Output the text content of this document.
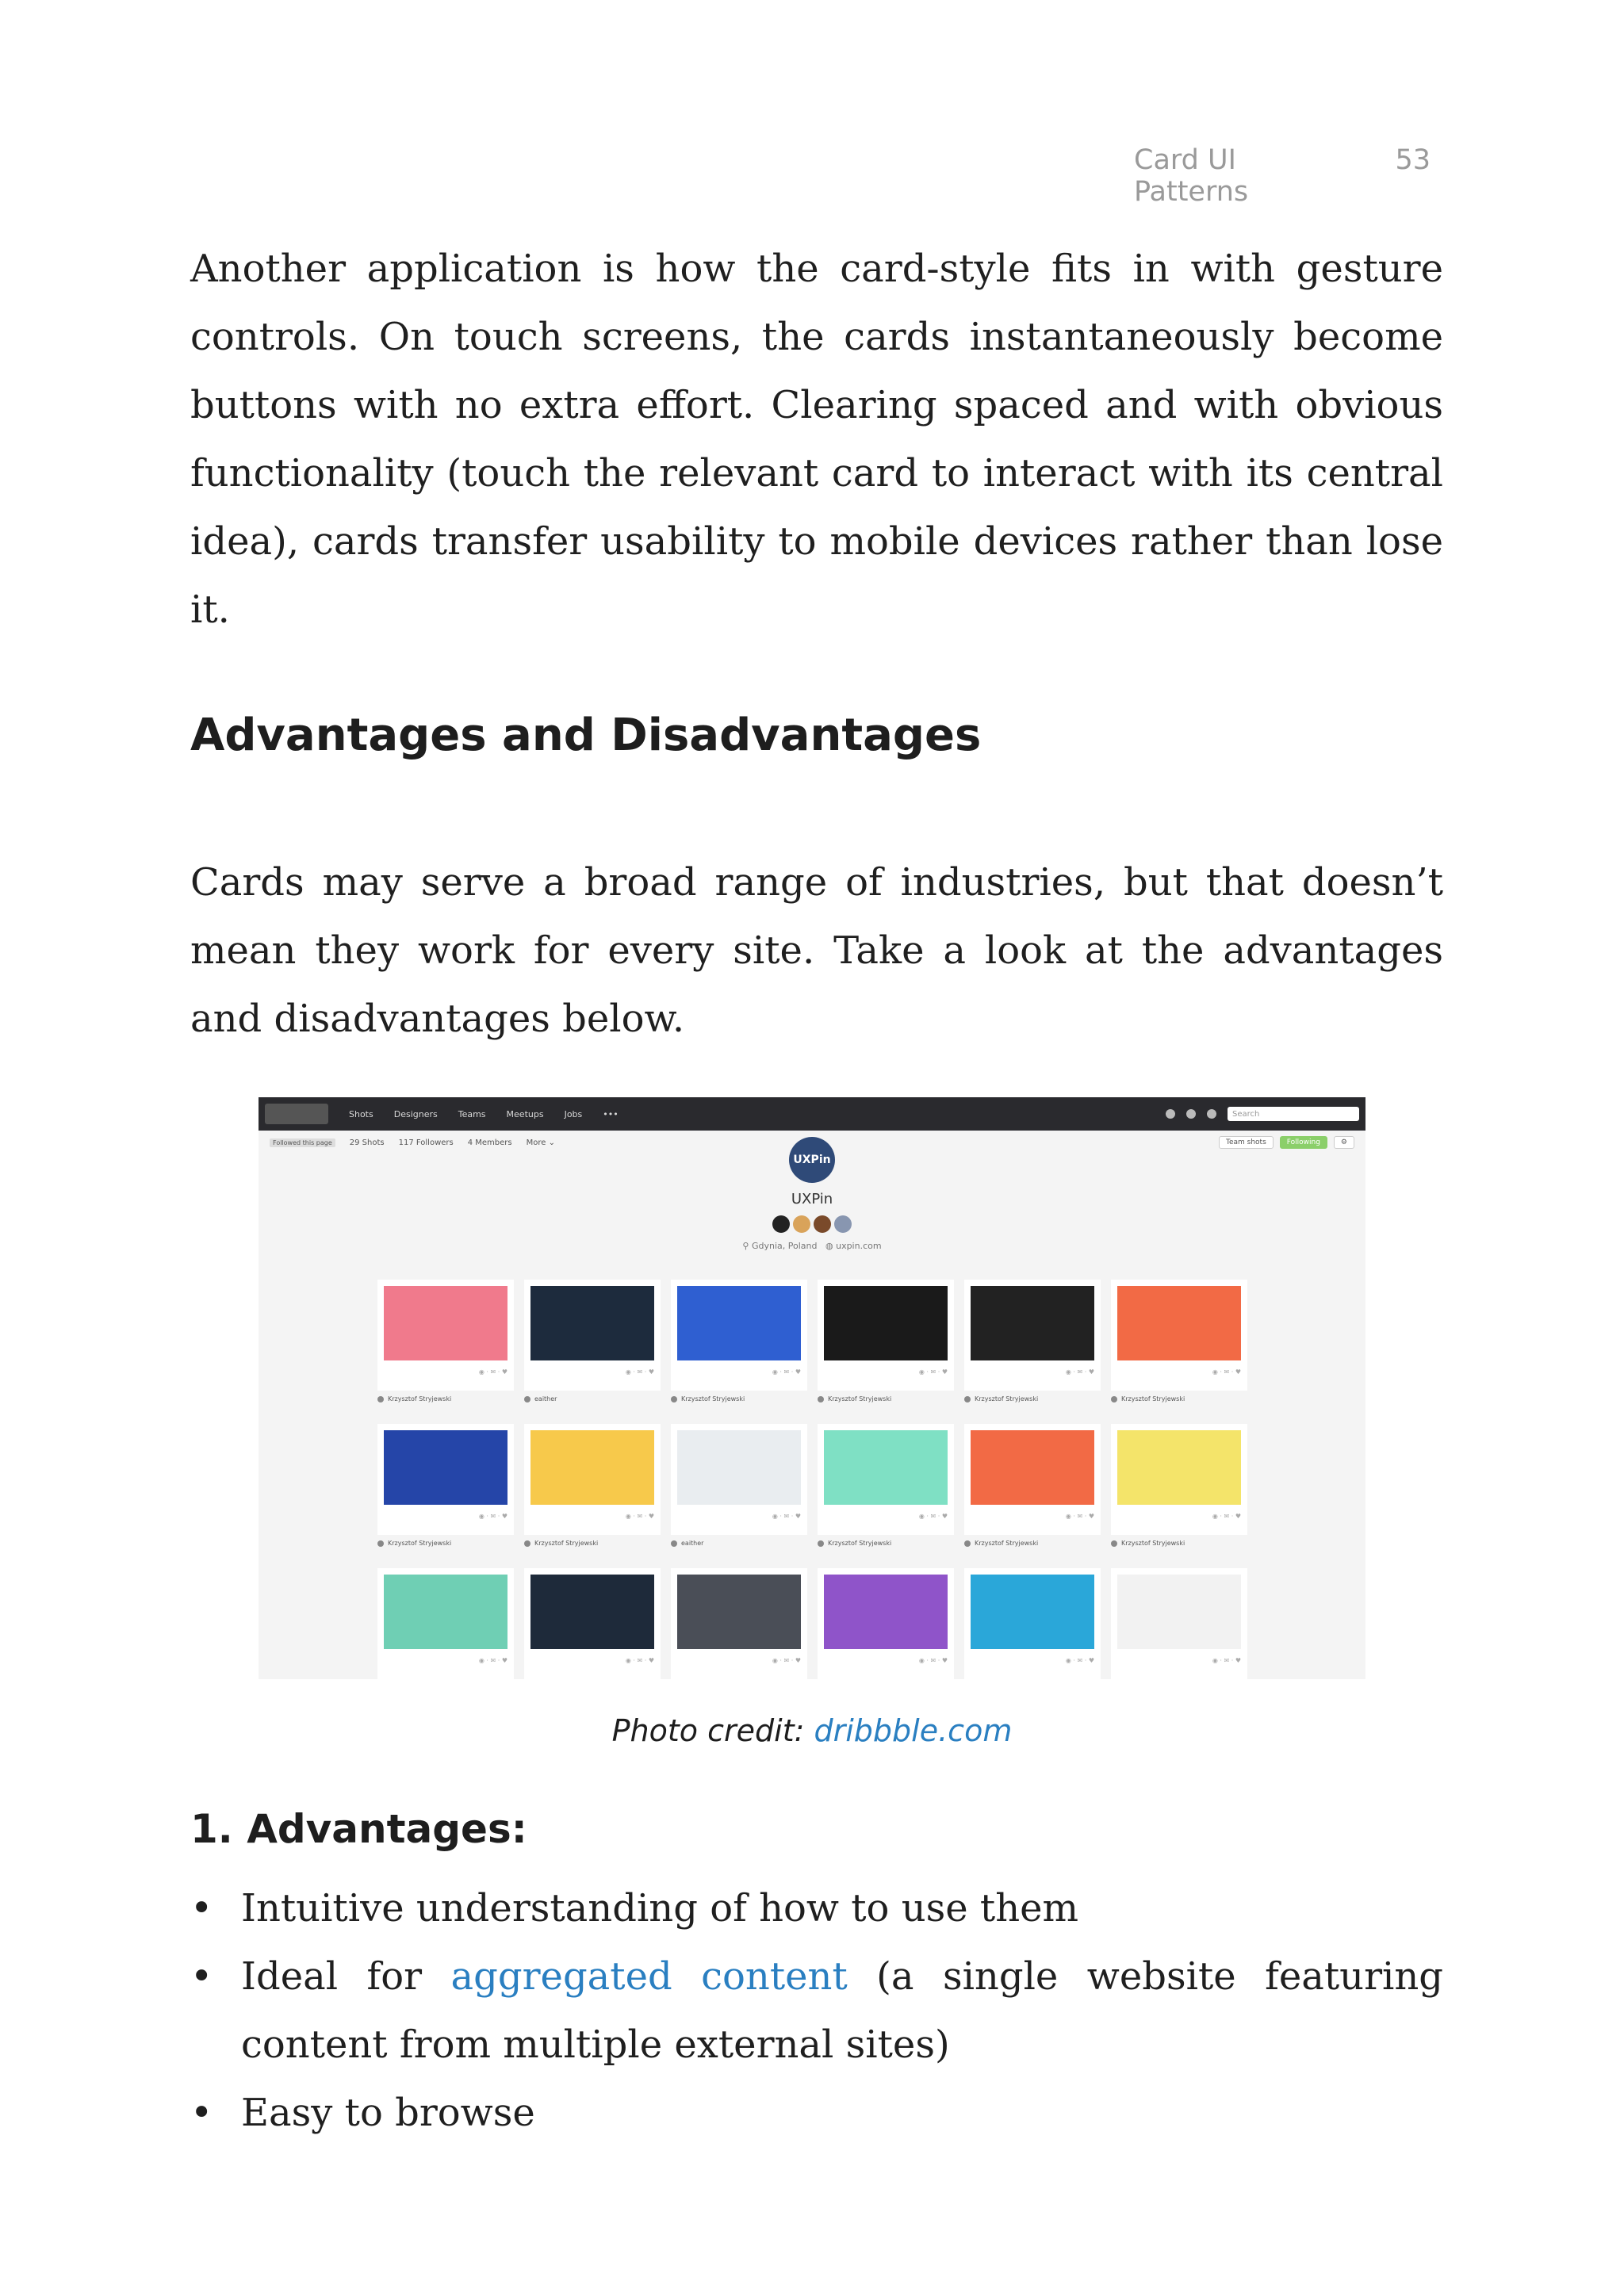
Card UI Patterns
53

Another application is how the card-style fits in with gesture controls. On touch screens, the cards instantaneously become buttons with no extra effort. Clearing spaced and with obvious functionality (touch the relevant card to interact with its central idea), cards transfer usability to mobile devices rather than lose it.

Advantages and Disadvantages

Cards may serve a broad range of industries, but that doesn’t mean they work for every site. Take a look at the advantages and disadvantages below.

Shots Designers Teams Meetups Jobs •••	Search
Followed this page	29 Shots 117 Followers 4 Members More ⌄	Team shots	Following	⚙
UXPin
UXPin
⚲ Gdynia, Poland ◍ uxpin.com
◉ · ✉ · ♥
Krzysztof Stryjewski
◉ · ✉ · ♥
eaither
◉ · ✉ · ♥
Krzysztof Stryjewski
◉ · ✉ · ♥
Krzysztof Stryjewski
◉ · ✉ · ♥
Krzysztof Stryjewski
◉ · ✉ · ♥
Krzysztof Stryjewski
◉ · ✉ · ♥
Krzysztof Stryjewski
◉ · ✉ · ♥
Krzysztof Stryjewski
◉ · ✉ · ♥
eaither
◉ · ✉ · ♥
Krzysztof Stryjewski
◉ · ✉ · ♥
Krzysztof Stryjewski
◉ · ✉ · ♥
Krzysztof Stryjewski
◉ · ✉ · ♥	◉ · ✉ · ♥	◉ · ✉ · ♥	◉ · ✉ · ♥	◉ · ✉ · ♥	◉ · ✉ · ♥
Photo credit: dribbble.com
1. Advantages:
• Intuitive understanding of how to use them
• Ideal for aggregated content (a single website featuring content from multiple external sites)
• Easy to browse
